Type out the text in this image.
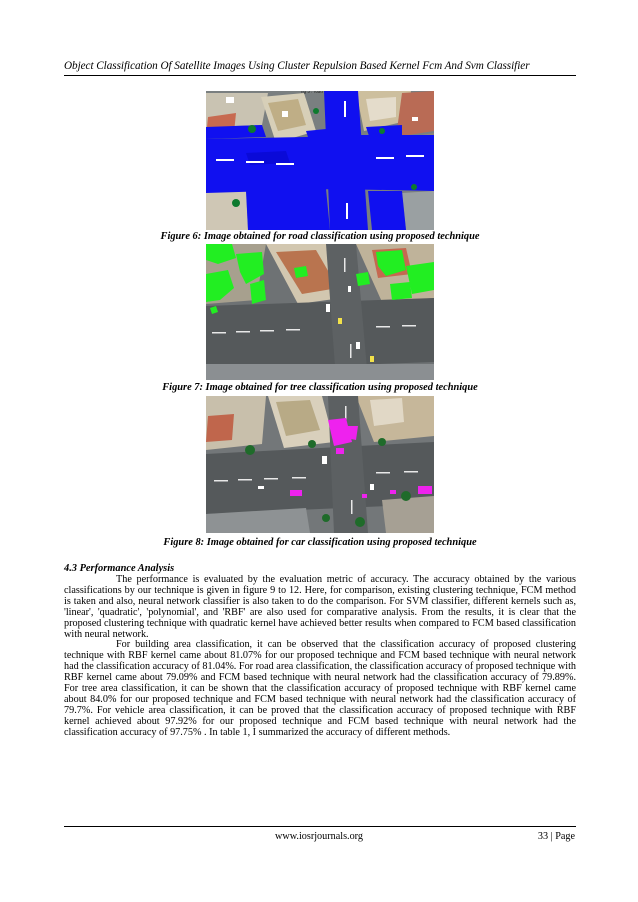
Object Classification Of Satellite Images Using Cluster Repulsion Based Kernel Fcm And Svm Classifier
fig 5 : road
Figure 6: Image obtained for road classification using proposed technique
Figure 7: Image obtained for tree classification using proposed technique
Figure 8: Image obtained for car classification using proposed technique
4.3 Performance Analysis

The performance is evaluated by the evaluation metric of accuracy. The accuracy obtained by the various classifications by our technique is given in figure 9 to 12. Here, for comparison, existing clustering technique, FCM method is taken and also, neural network classifier is also taken to do the comparison. For SVM classifier, different kernels such as, 'linear', 'quadratic', 'polynomial', and 'RBF' are also used for comparative analysis. From the results, it is clear that the proposed clustering technique with quadratic kernel have achieved better results when compared to FCM based classification with neural network.

For building area classification, it can be observed that the classification accuracy of proposed clustering technique with RBF kernel came about 81.07% for our proposed technique and FCM based technique with neural network had the classification accuracy of 81.04%. For road area classification, the classification accuracy of proposed technique with RBF kernel came about 79.09% and FCM based technique with neural network had the classification accuracy of 79.89%. For tree area classification, it can be shown that the classification accuracy of proposed technique with RBF kernel came about 84.0% for our proposed technique and FCM based technique with neural network had the classification accuracy of 79.7%. For vehicle area classification, it can be proved that the classification accuracy of proposed technique with RBF kernel achieved about 97.92% for our proposed technique and FCM based technique with neural network had the classification accuracy of 97.75% . In table 1, I summarized the accuracy of different methods.

www.iosrjournals.org	33 | Page
